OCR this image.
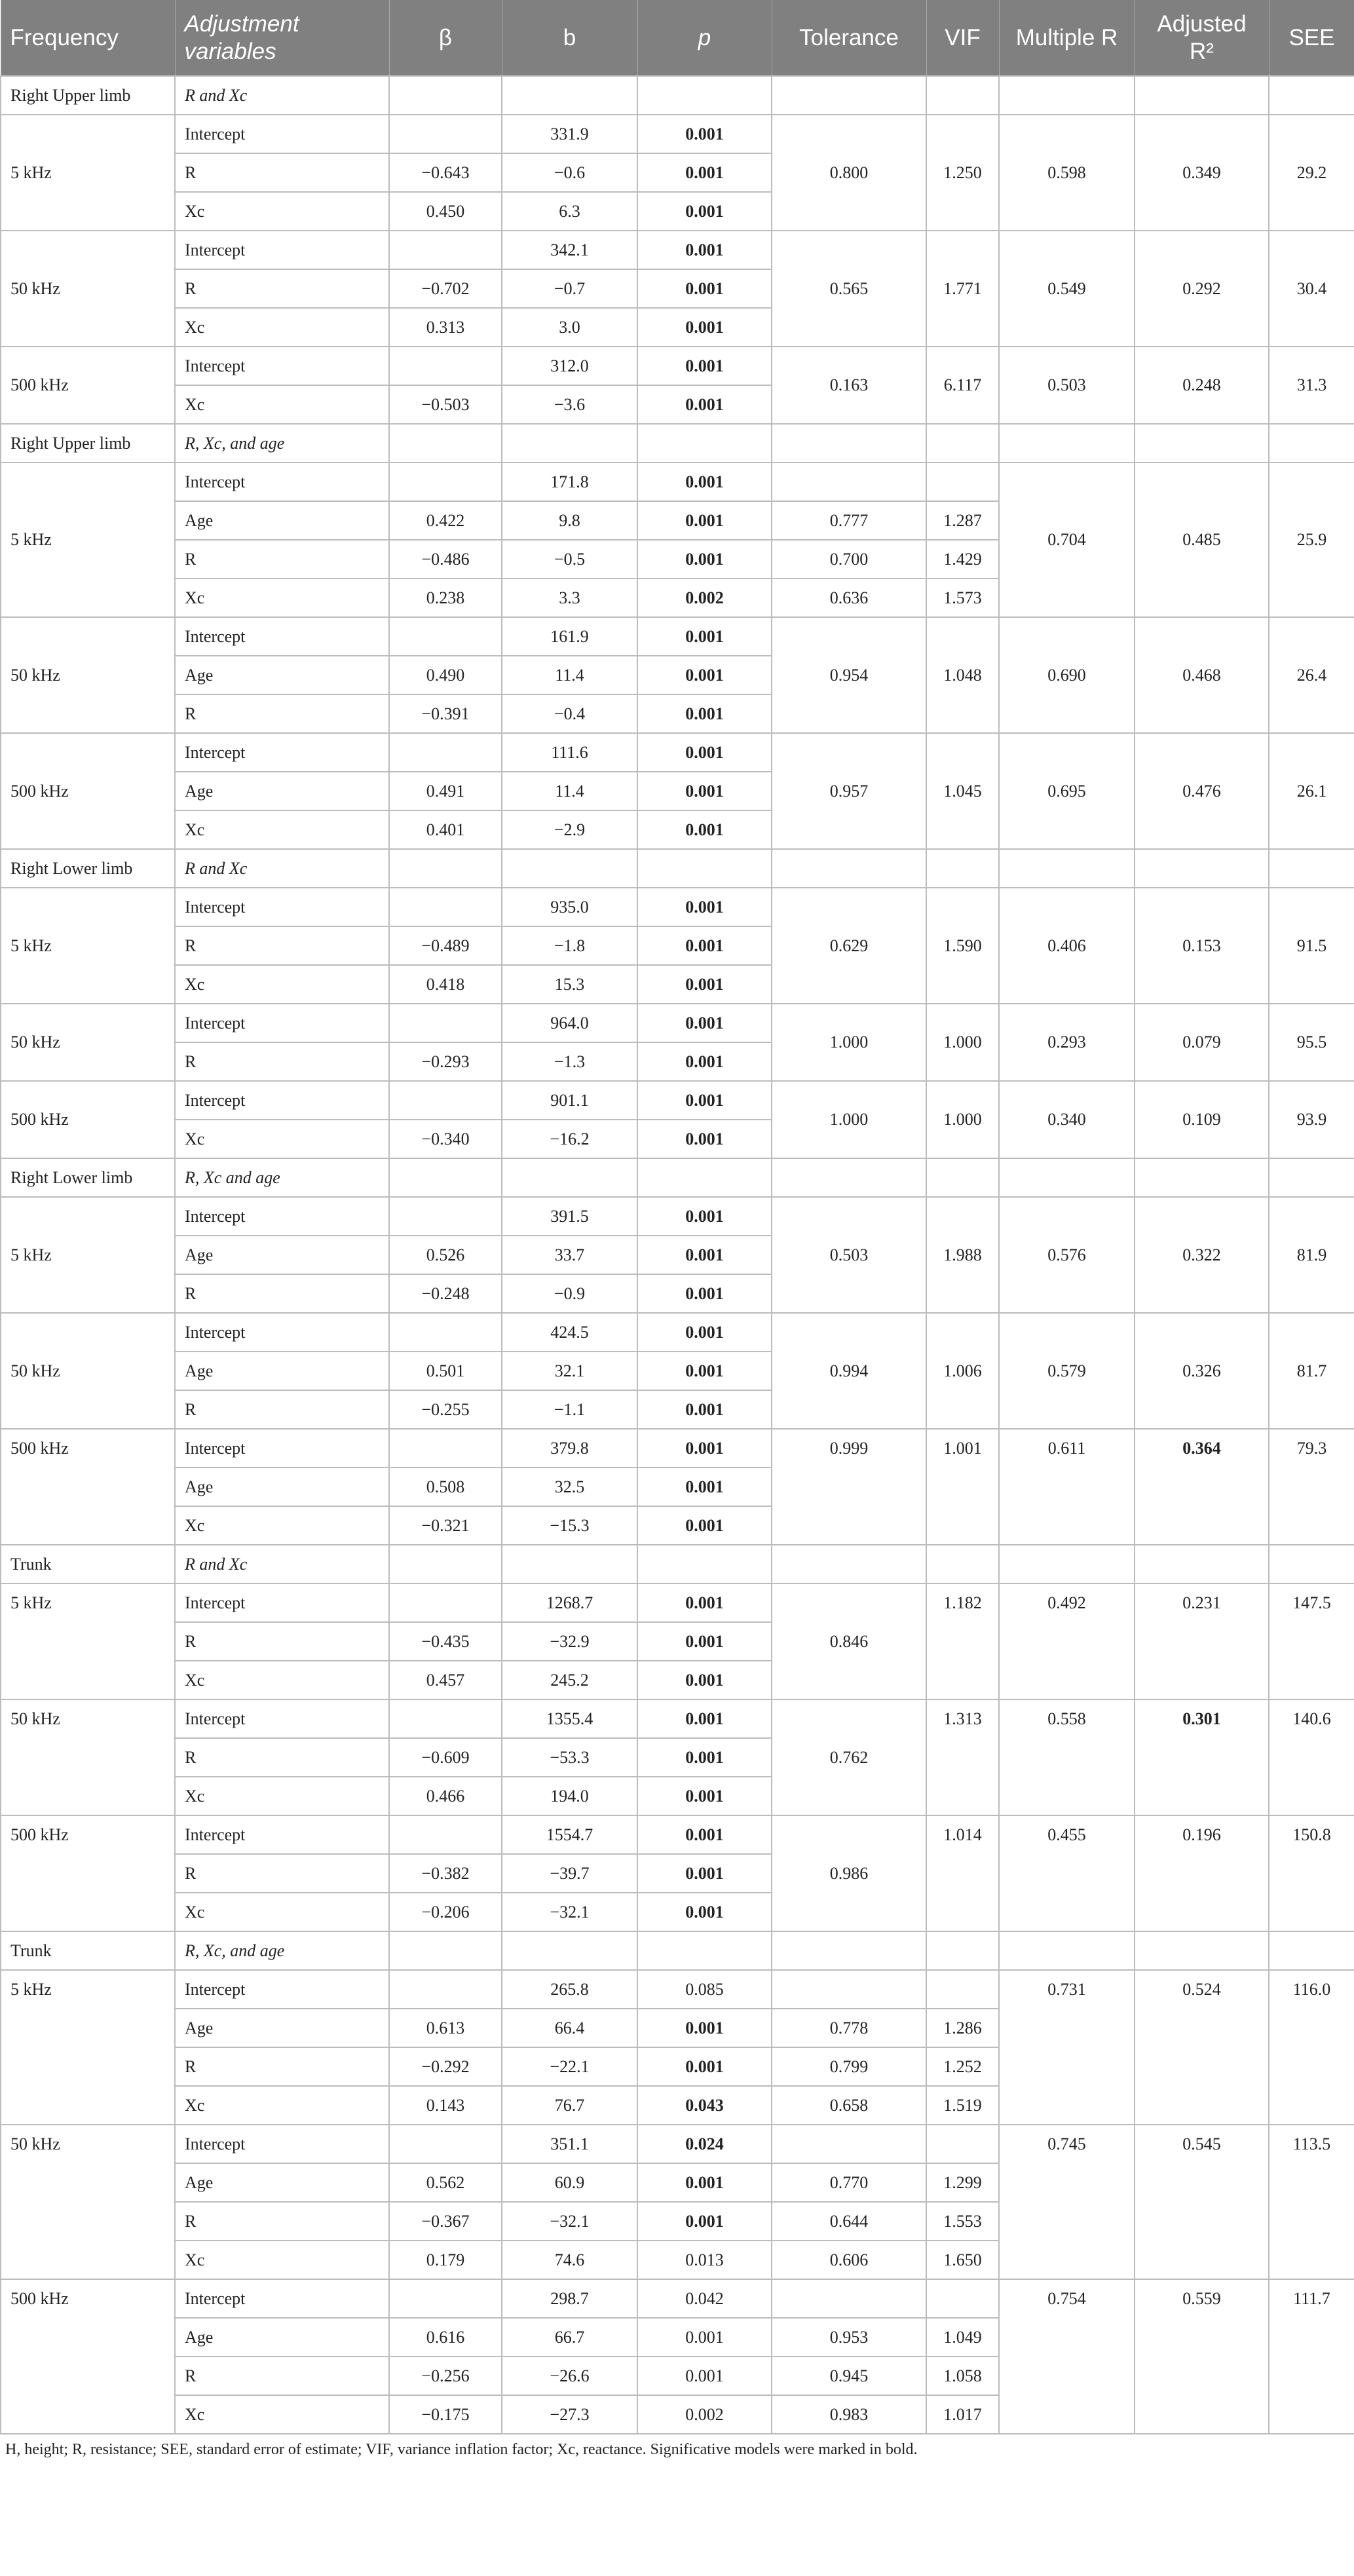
Frequency	Adjustment variables	β	b	p	Tolerance	VIF	Multiple R	Adjusted R²	SEE
Right Upper limb	R and Xc								
5 kHz	Intercept		331.9	0.001	0.800	1.250	0.598	0.349	29.2
	R	−0.643	−0.6	0.001					
	Xc	0.450	6.3	0.001					
50 kHz	Intercept		342.1	0.001	0.565	1.771	0.549	0.292	30.4
	R	−0.702	−0.7	0.001					
	Xc	0.313	3.0	0.001					
500 kHz	Intercept		312.0	0.001	0.163	6.117	0.503	0.248	31.3
	Xc	−0.503	−3.6	0.001					
Right Upper limb	R, Xc, and age								
5 kHz	Intercept		171.8	0.001			0.704	0.485	25.9
	Age	0.422	9.8	0.001	0.777	1.287			
	R	−0.486	−0.5	0.001	0.700	1.429			
	Xc	0.238	3.3	0.002	0.636	1.573			
50 kHz	Intercept		161.9	0.001	0.954	1.048	0.690	0.468	26.4
	Age	0.490	11.4	0.001					
	R	−0.391	−0.4	0.001					
500 kHz	Intercept		111.6	0.001	0.957	1.045	0.695	0.476	26.1
	Age	0.491	11.4	0.001					
	Xc	0.401	−2.9	0.001					
Right Lower limb	R and Xc								
5 kHz	Intercept		935.0	0.001	0.629	1.590	0.406	0.153	91.5
	R	−0.489	−1.8	0.001					
	Xc	0.418	15.3	0.001					
50 kHz	Intercept		964.0	0.001	1.000	1.000	0.293	0.079	95.5
	R	−0.293	−1.3	0.001					
500 kHz	Intercept		901.1	0.001	1.000	1.000	0.340	0.109	93.9
	Xc	−0.340	−16.2	0.001					
Right Lower limb	R, Xc and age								
5 kHz	Intercept		391.5	0.001	0.503	1.988	0.576	0.322	81.9
	Age	0.526	33.7	0.001					
	R	−0.248	−0.9	0.001					
50 kHz	Intercept		424.5	0.001	0.994	1.006	0.579	0.326	81.7
	Age	0.501	32.1	0.001					
	R	−0.255	−1.1	0.001					
500 kHz	Intercept		379.8	0.001	0.999	1.001	0.611	0.364	79.3
	Age	0.508	32.5	0.001					
	Xc	−0.321	−15.3	0.001					
Trunk	R and Xc								
5 kHz	Intercept		1268.7	0.001	0.846	1.182	0.492	0.231	147.5
	R	−0.435	−32.9	0.001					
	Xc	0.457	245.2	0.001					
50 kHz	Intercept		1355.4	0.001	0.762	1.313	0.558	0.301	140.6
	R	−0.609	−53.3	0.001					
	Xc	0.466	194.0	0.001					
500 kHz	Intercept		1554.7	0.001	0.986	1.014	0.455	0.196	150.8
	R	−0.382	−39.7	0.001					
	Xc	−0.206	−32.1	0.001					
Trunk	R, Xc, and age								
5 kHz	Intercept		265.8	0.085			0.731	0.524	116.0
	Age	0.613	66.4	0.001	0.778	1.286			
	R	−0.292	−22.1	0.001	0.799	1.252			
	Xc	0.143	76.7	0.043	0.658	1.519			
50 kHz	Intercept		351.1	0.024			0.745	0.545	113.5
	Age	0.562	60.9	0.001	0.770	1.299			
	R	−0.367	−32.1	0.001	0.644	1.553			
	Xc	0.179	74.6	0.013	0.606	1.650			
500 kHz	Intercept		298.7	0.042			0.754	0.559	111.7
	Age	0.616	66.7	0.001	0.953	1.049			
	R	−0.256	−26.6	0.001	0.945	1.058			
	Xc	−0.175	−27.3	0.002	0.983	1.017			
H, height; R, resistance; SEE, standard error of estimate; VIF, variance inflation factor; Xc, reactance. Significative models were marked in bold.
